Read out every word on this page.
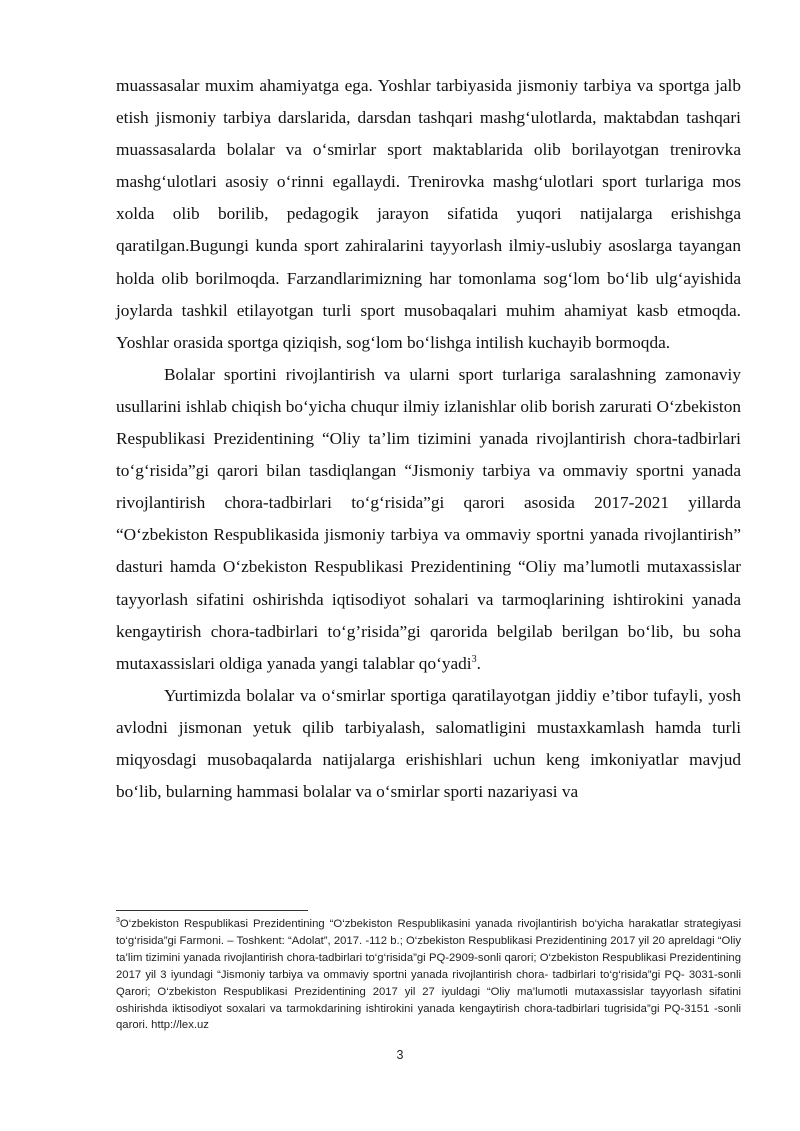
muassasalar muxim ahamiyatga ega. Yoshlar tarbiyasida jismoniy tarbiya va sportga jalb etish jismoniy tarbiya darslarida, darsdan tashqari mashg‘ulotlarda, maktabdan tashqari muassasalarda bolalar va o‘smirlar sport maktablarida olib borilayotgan trenirovka mashg‘ulotlari asosiy o‘rinni egallaydi. Trenirovka mashg‘ulotlari sport turlariga mos xolda olib borilib, pedagogik jarayon sifatida yuqori natijalarga erishishga qaratilgan.Bugungi kunda sport zahiralarini tayyorlash ilmiy-uslubiy asoslarga tayangan holda olib borilmoqda. Farzandlarimizning har tomonlama sog‘lom bo‘lib ulg‘ayishida joylarda tashkil etilayotgan turli sport musobaqalari muhim ahamiyat kasb etmoqda. Yoshlar orasida sportga qiziqish, sog‘lom bo‘lishga intilish kuchayib bormoqda.

Bolalar sportini rivojlantirish va ularni sport turlariga saralashning zamonaviy usullarini ishlab chiqish bo‘yicha chuqur ilmiy izlanishlar olib borish zarurati O‘zbekiston Respublikasi Prezidentining “Oliy ta’lim tizimini yanada rivojlantirish chora-tadbirlari to‘g‘risida”gi qarori bilan tasdiqlangan “Jismoniy tarbiya va ommaviy sportni yanada rivojlantirish chora-tadbirlari to‘g‘risida”gi qarori asosida 2017-2021 yillarda “O‘zbekiston Respublikasida jismoniy tarbiya va ommaviy sportni yanada rivojlantirish” dasturi hamda O‘zbekiston Respublikasi Prezidentining “Oliy ma’lumotli mutaxassislar tayyorlash sifatini oshirishda iqtisodiyot sohalari va tarmoqlarining ishtirokini yanada kengaytirish chora-tadbirlari to‘g’risida”gi qarorida belgilab berilgan bo‘lib, bu soha mutaxassislari oldiga yanada yangi talablar qo‘yadi$^3$.

Yurtimizda bolalar va o‘smirlar sportiga qaratilayotgan jiddiy e’tibor tufayli, yosh avlodni jismonan yetuk qilib tarbiyalash, salomatligini mustaxkamlash hamda turli miqyosdagi musobaqalarda natijalarga erishishlari uchun keng imkoniyatlar mavjud bo‘lib, bularning hammasi bolalar va o‘smirlar sporti nazariyasi va

$^3$O‘zbekiston Respublikasi Prezidentining “O‘zbekiston Respublikasini yanada rivojlantirish bo‘yicha harakatlar strategiyasi to‘g‘risida”gi Farmoni. – Toshkent: “Adolat”, 2017. -112 b.; O‘zbekiston Respublikasi Prezidentining 2017 yil 20 apreldagi “Oliy ta’lim tizimini yanada rivojlantirish chora-tadbirlari to‘g‘risida”gi PQ-2909-sonli qarori; O‘zbekiston Respublikasi Prezidentining 2017 yil 3 iyundagi “Jismoniy tarbiya va ommaviy sportni yanada rivojlantirish chora- tadbirlari to‘g‘risida”gi PQ- 3031-sonli Qarori; O‘zbekiston Respublikasi Prezidentining 2017 yil 27 iyuldagi “Oliy ma’lumotli mutaxassislar tayyorlash sifatini oshirishda iktisodiyot soxalari va tarmokdarining ishtirokini yanada kengaytirish chora-tadbirlari tugrisida”gi PQ-3151 -sonli qarori. http://lex.uz
3
